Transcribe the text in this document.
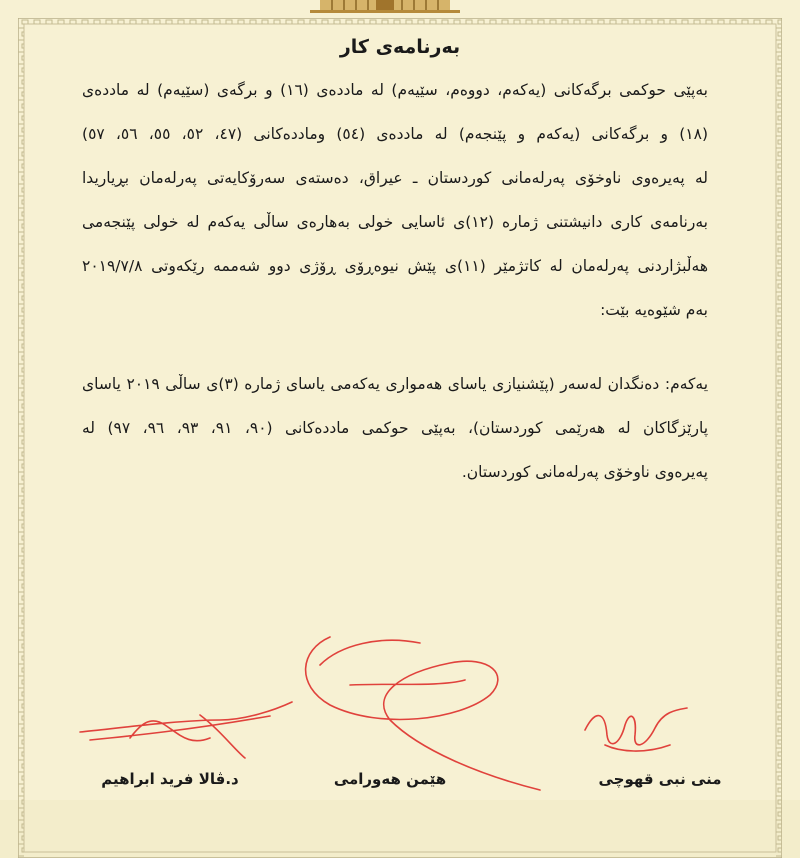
بەرنامەی کار
بەپێی حوکمی برگەکانی (یەکەم، دووەم، سێیەم) لە ماددەی (١٦) و برگەی (سێیەم) لە ماددەی
(١٨) و برگەکانی (یەکەم و پێنجەم) لە ماددەی (٥٤) وماددەکانی (٤٧، ٥٢، ٥٥، ٥٦، ٥٧)
لە پەیرەوی ناوخۆی پەرلەمانی کوردستان ـ عیراق، دەستەی سەرۆکایەتی پەرلەمان بڕیاریدا
بەرنامەی کاری دانیشتنی ژمارە (١٢)ی ئاسایی خولی بەهارەی ساڵی یەکەم لە خولی پێنجەمی
هەڵبژاردنی پەرلەمان لە کاتژمێر (١١)ی پێش نیوەڕۆی ڕۆژی دوو شەممە رێکەوتی ٢٠١٩/٧/٨
بەم شێوەیە بێت:
یەکەم: دەنگدان لەسەر (پێشنیازی یاسای هەمواری یەکەمی یاسای ژمارە (٣)ی ساڵی ٢٠١٩ یاسای
پارێزگاکان لە هەرێمی کوردستان)، بەپێی حوکمی ماددەکانی (٩٠، ٩١، ٩٣، ٩٦، ٩٧) لە
پەیرەوی ناوخۆی پەرلەمانی کوردستان.
د.ڤالا فرید ابراهیم	هێمن هەورامی	منی نبی قهوچی
